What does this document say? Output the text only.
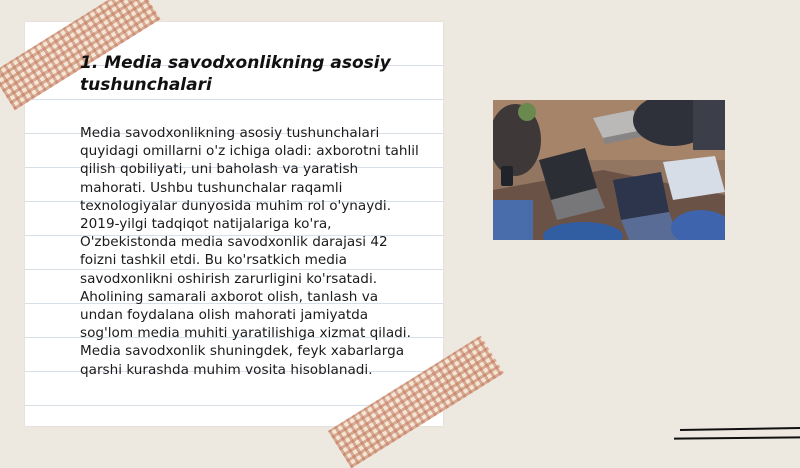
1. Media savodxonlikning asosiy tushunchalari

Media savodxonlikning asosiy tushunchalari quyidagi omillarni o'z ichiga oladi: axborotni tahlil qilish qobiliyati, uni baholash va yaratish mahorati. Ushbu tushunchalar raqamli texnologiyalar dunyosida muhim rol o'ynaydi. 2019-yilgi tadqiqot natijalariga ko'ra, O'zbekistonda media savodxonlik darajasi 42 foizni tashkil etdi. Bu ko'rsatkich media savodxonlikni oshirish zarurligini ko'rsatadi. Aholining samarali axborot olish, tanlash va undan foydalana olish mahorati jamiyatda sog'lom media muhiti yaratilishiga xizmat qiladi. Media savodxonlik shuningdek, feyk xabarlarga qarshi kurashda muhim vosita hisoblanadi.
